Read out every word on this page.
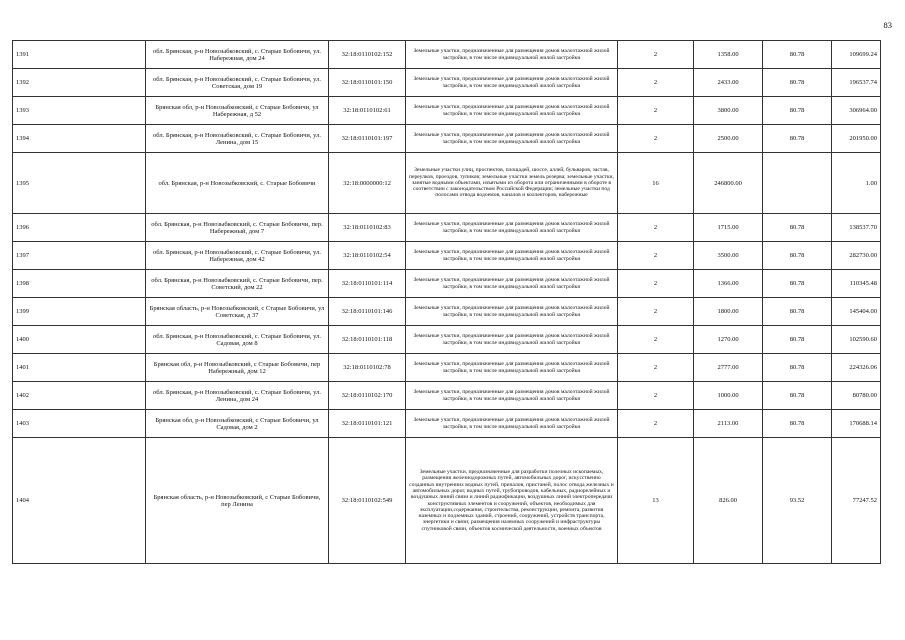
83
1391	обл. Брянская, р-н Новозыбковский, с. Старые Бобовичи, ул. Набережная, дом 24	32:18:0110102:152	Земельные участки, предназначенные для размещения домов малоэтажной жилой застройки, в том числе индивидуальной жилой застройки	2	1358.00	80.78	109699.24
1392	обл. Брянская, р-н Новозыбковский, с. Старые Бобовичи, ул. Советская, дом 19	32:18:0110101:150	Земельные участки, предназначенные для размещения домов малоэтажной жилой застройки, в том числе индивидуальной жилой застройки	2	2433.00	80.78	196537.74
1393	Брянская обл, р-н Новозыбковский, с Старые Бобовичи, ул Набережная, д 52	32:18:0110102:61	Земельные участки, предназначенные для размещения домов малоэтажной жилой застройки, в том числе индивидуальной жилой застройки	2	3800.00	80.78	306964.00
1394	обл. Брянская, р-н Новозыбковский, с. Старые Бобовичи, ул. Ленина, дом 15	32:18:0110101:197	Земельные участки, предназначенные для размещения домов малоэтажной жилой застройки, в том числе индивидуальной жилой застройки	2	2500.00	80.78	201950.00
1395	обл. Брянская, р-н Новозыбковский, с. Старые Бобовичи	32:18:0000000:12	Земельные участки улиц, проспектов, площадей, шоссе, аллей, бульваров, застав, переулков, проездов, тупиков; земельные участки земель резерва; земельные участки, занятые водными объектами, изъятыми из оборота или ограниченными в обороте в соответствии с законодательством Российской Федерации; земельные участки под полосами отвода водоемов, каналов и коллекторов, набережные	16	246800.00		1.00
1396	обл. Брянская, р-н Новозыбковский, с. Старые Бобовичи, пер. Набережный, дом 7	32:18:0110102:83	Земельные участки, предназначенные для размещения домов малоэтажной жилой застройки, в том числе индивидуальной жилой застройки	2	1715.00	80.78	138537.70
1397	обл. Брянская, р-н Новозыбковский, с. Старые Бобовичи, ул. Набережная, дом 42	32:18:0110102:54	Земельные участки, предназначенные для размещения домов малоэтажной жилой застройки, в том числе индивидуальной жилой застройки	2	3500.00	80.78	282730.00
1398	обл. Брянская, р-н Новозыбковский, с. Старые Бобовичи, пер. Советский, дом 22	32:18:0110101:114	Земельные участки, предназначенные для размещения домов малоэтажной жилой застройки, в том числе индивидуальной жилой застройки	2	1366.00	80.78	110345.48
1399	Брянская область, р-н Новозыбковский, с Старые Бобовичи, ул Советская, д 37	32:18:0110101:146	Земельные участки, предназначенные для размещения домов малоэтажной жилой застройки, в том числе индивидуальной жилой застройки	2	1800.00	80.78	145404.00
1400	обл. Брянская, р-н Новозыбковский, с. Старые Бобовичи, ул. Садовая, дом 8	32:18:0110101:118	Земельные участки, предназначенные для размещения домов малоэтажной жилой застройки, в том числе индивидуальной жилой застройки	2	1270.00	80.78	102590.60
1401	Брянская обл, р-н Новозыбковский, с Старые Бобовичи, пер Набережный, дом 12	32:18:0110102:78	Земельные участки, предназначенные для размещения домов малоэтажной жилой застройки, в том числе индивидуальной жилой застройки	2	2777.00	80.78	224326.06
1402	обл. Брянская, р-н Новозыбковский, с. Старые Бобовичи, ул. Ленина, дом 24	32:18:0110102:170	Земельные участки, предназначенные для размещения домов малоэтажной жилой застройки, в том числе индивидуальной жилой застройки	2	1000.00	80.78	80780.00
1403	Брянская обл, р-н Новозыбковский, с Старые Бобовичи, ул Садовая, дом 2	32:18:0110101:121	Земельные участки, предназначенные для размещения домов малоэтажной жилой застройки, в том числе индивидуальной жилой застройки	2	2113.00	80.78	170688.14
1404	Брянская область, р-н Новозыбковский, с Старые Бобовичи, пер Ленина	32:18:0110102:549	Земельные участки, предназначенные для разработки полезных ископаемых, размещения железнодорожных путей, автомобильных дорог, искусственно созданных внутренних водных путей, причалов, пристаней, полос отвода железных и автомобильных дорог, водных путей, трубопроводов, кабельных, радиорелейных и воздушных линий связи и линий радиофикации, воздушных линий электропередачи конструктивных элементов и сооружений, объектов, необходимых для эксплуатации,содержания, строительства, реконструкции, ремонта, развития наземных и подземных зданий, строений, сооружений, устройств транспорта, энергетики и связи; размещения наземных сооружений и инфраструктуры спутниковой связи, объектов космической деятельности, военных объектов	13	826.00	93.52	77247.52
